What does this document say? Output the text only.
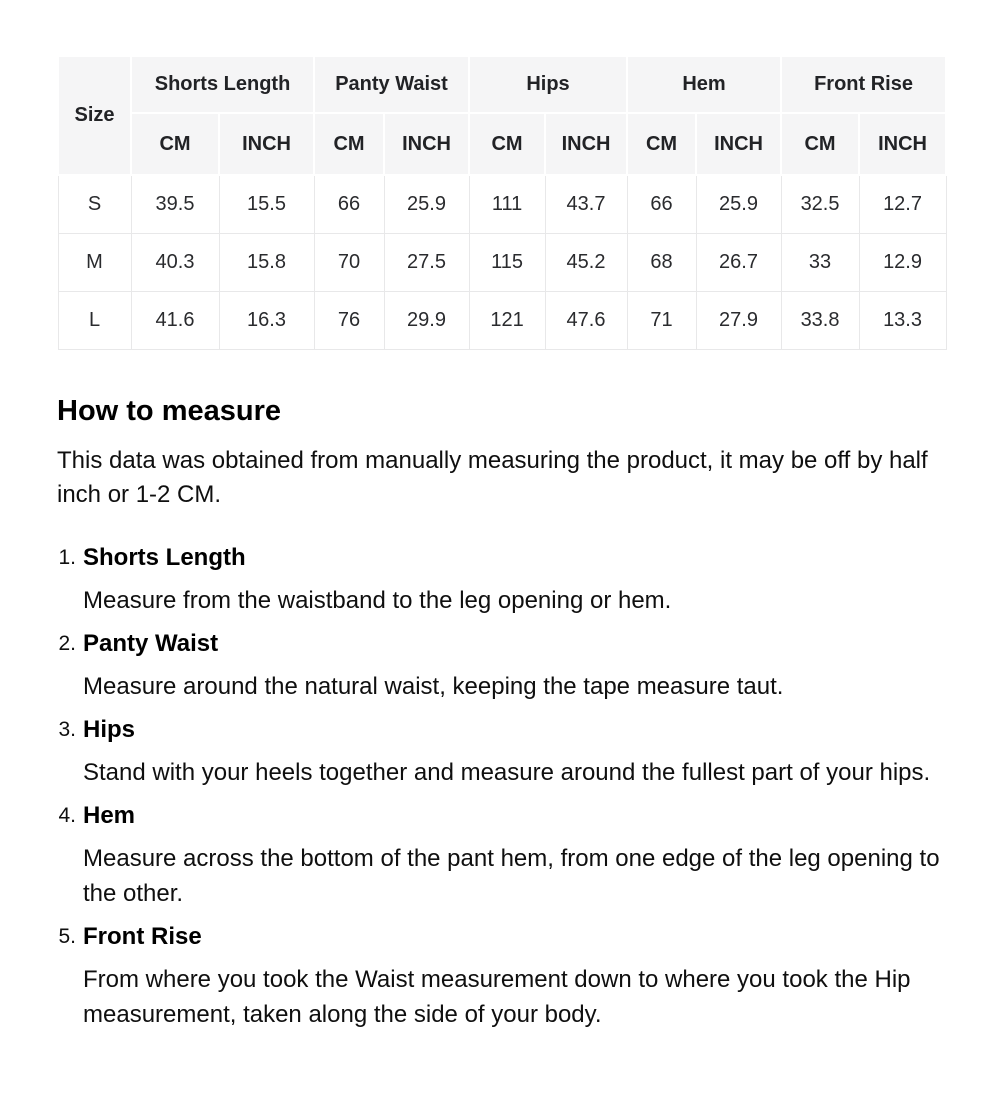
Size	Shorts Length		Panty Waist		Hips		Hem		Front Rise	
	CM	INCH	CM	INCH	CM	INCH	CM	INCH	CM	INCH
S	39.5	15.5	66	25.9	111	43.7	66	25.9	32.5	12.7
M	40.3	15.8	70	27.5	115	45.2	68	26.7	33	12.9
L	41.6	16.3	76	29.9	121	47.6	71	27.9	33.8	13.3
How to measure

This data was obtained from manually measuring the product, it may be off by half inch or 1-2 CM.

1. Shorts Length
Measure from the waistband to the leg opening or hem.
2. Panty Waist
Measure around the natural waist, keeping the tape measure taut.
3. Hips
Stand with your heels together and measure around the fullest part of your hips.
4. Hem
Measure across the bottom of the pant hem, from one edge of the leg opening to the other.
5. Front Rise
From where you took the Waist measurement down to where you took the Hip measurement, taken along the side of your body.
